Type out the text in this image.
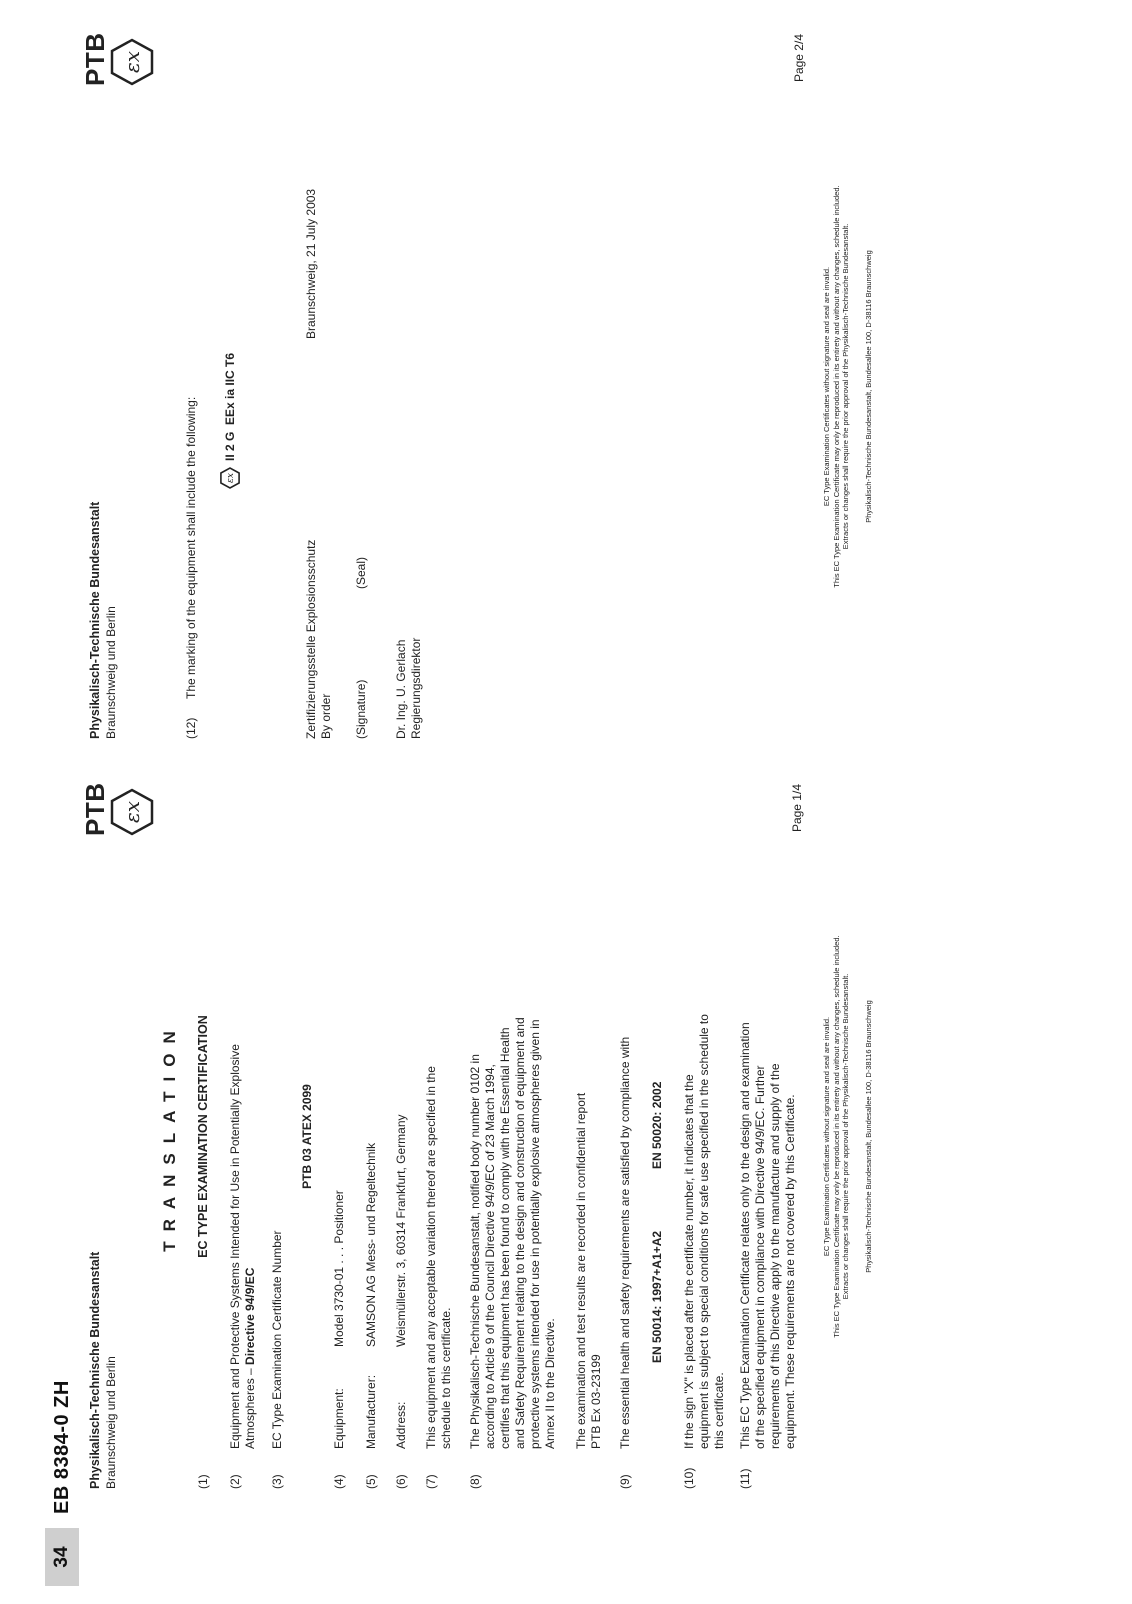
34
EB 8384-0 ZH Physikalisch-Technische Bundesanstalt Braunschweig und Berlin
PTB εx
TRANSLATION EC TYPE EXAMINATION CERTIFICATION
(1) (2)
Equipment and Protective Systems Intended for Use in Potentially Explosive Atmospheres – Directive 94/9/EC
(3)
EC Type Examination Certificate Number
PTB 03 ATEX 2099
(4)
Equipment:
Model 3730-01 . . . Positioner
(5)
Manufacturer:
SAMSON AG Mess- und Regeltechnik
(6)
Address:
Weismüllerstr. 3, 60314 Frankfurt, Germany
(7)
This equipment and any acceptable variation thereof are specified in the schedule to this certificate.
(8)
The Physikalisch-Technische Bundesanstalt, notified body number 0102 in according to Article 9 of the Council Directive 94/9/EC of 23 March 1994, certifies that this equipment has been found to comply with the Essential Health and Safety Requirement relating to the design and construction of equipment and protective systems intended for use in potentially explosive atmospheres given in Annex II to the Directive. The examination and test results are recorded in confidential report PTB Ex 03-23199
(9)
The essential health and safety requirements are satisfied by compliance with EN 50014: 1997+A1+A2
EN 50020: 2002
(10)
If the sign "X" is placed after the certificate number, it indicates that the equipment is subject to special conditions for safe use specified in the schedule to this certificate.
(11)
This EC Type Examination Certificate relates only to the design and examination of the specified equipment in compliance with Directive 94/9/EC. Further requirements of this Directive apply to the manufacture and supply of the equipment. These requirements are not covered by this Certificate.
Page 1/4
EC Type Examination Certificates without signature and seal are invalid. This EC Type Examination Certificate may only be reproduced in its entirety and without any changes, schedule included. Extracts or changes shall require the prior approval of the Physikalisch-Technische Bundesanstalt. Physikalisch-Technische Bundesanstalt, Bundesallee 100, D-38116 Braunschweig
Physikalisch-Technische Bundesanstalt Braunschweig und Berlin
PTB εx
(12)
The marking of the equipment shall include the following: εx
II 2 G  EEx ia IIC T6
Zertifizierungsstelle Explosionsschutz
Braunschweig, 21 July 2003
By order (Signature)
(Seal)
Dr. Ing. U. Gerlach Regierungsdirektor
Page 2/4
EC Type Examination Certificates without signature and seal are invalid. This EC Type Examination Certificate may only be reproduced in its entirety and without any changes, schedule included. Extracts or changes shall require the prior approval of the Physikalisch-Technische Bundesanstalt. Physikalisch-Technische Bundesanstalt, Bundesallee 100, D-38116 Braunschweig
